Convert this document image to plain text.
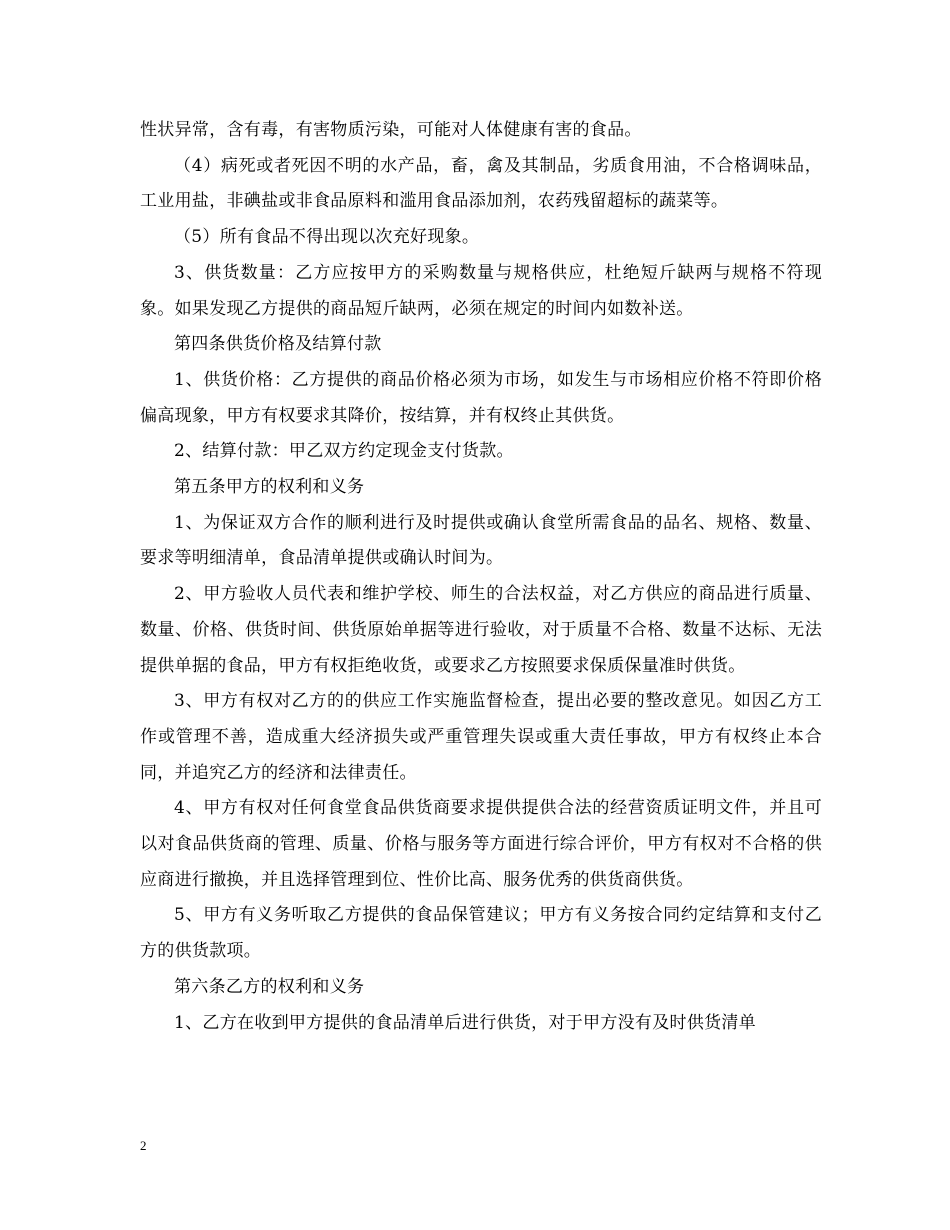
性状异常，含有毒，有害物质污染，可能对人体健康有害的食品。

（4）病死或者死因不明的水产品，畜，禽及其制品，劣质食用油，不合格调味品，工业用盐，非碘盐或非食品原料和滥用食品添加剂，农药残留超标的蔬菜等。

（5）所有食品不得出现以次充好现象。

3、供货数量：乙方应按甲方的采购数量与规格供应，杜绝短斤缺两与规格不符现象。如果发现乙方提供的商品短斤缺两，必须在规定的时间内如数补送。

第四条供货价格及结算付款

1、供货价格：乙方提供的商品价格必须为市场，如发生与市场相应价格不符即价格偏高现象，甲方有权要求其降价，按结算，并有权终止其供货。

2、结算付款：甲乙双方约定现金支付货款。

第五条甲方的权利和义务

1、为保证双方合作的顺利进行及时提供或确认食堂所需食品的品名、规格、数量、要求等明细清单，食品清单提供或确认时间为。

2、甲方验收人员代表和维护学校、师生的合法权益，对乙方供应的商品进行质量、数量、价格、供货时间、供货原始单据等进行验收，对于质量不合格、数量不达标、无法提供单据的食品，甲方有权拒绝收货，或要求乙方按照要求保质保量准时供货。

3、甲方有权对乙方的的供应工作实施监督检查，提出必要的整改意见。如因乙方工作或管理不善，造成重大经济损失或严重管理失误或重大责任事故，甲方有权终止本合同，并追究乙方的经济和法律责任。

4、甲方有权对任何食堂食品供货商要求提供提供合法的经营资质证明文件，并且可以对食品供货商的管理、质量、价格与服务等方面进行综合评价，甲方有权对不合格的供应商进行撤换，并且选择管理到位、性价比高、服务优秀的供货商供货。

5、甲方有义务听取乙方提供的食品保管建议；甲方有义务按合同约定结算和支付乙方的供货款项。

第六条乙方的权利和义务

1、乙方在收到甲方提供的食品清单后进行供货，对于甲方没有及时供货清单

2
